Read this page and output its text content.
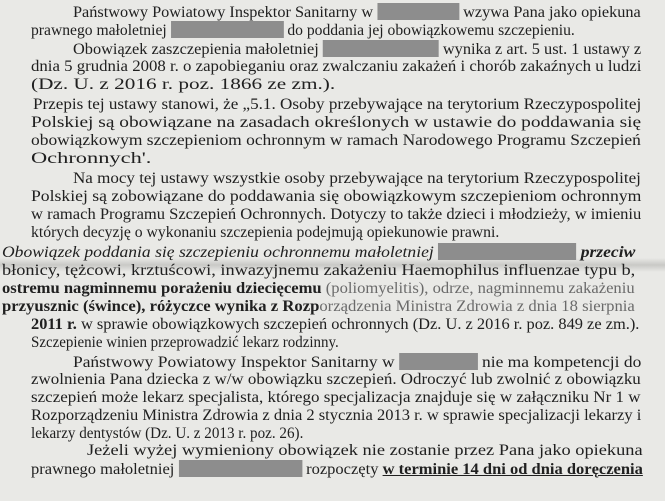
Państwowy Powiatowy Inspektor Sanitarny w	wzywa Pana jako opiekuna
prawnego małoletniej	do poddania jej obowiązkowemu szczepieniu.
Obowiązek zaszczepienia małoletniej	wynika z art. 5 ust. 1 ustawy z
dnia 5 grudnia 2008 r. o zapobieganiu oraz zwalczaniu zakażeń i chorób zakaźnych u ludzi
(Dz. U. z 2016 r. poz. 1866 ze zm.).
Przepis tej ustawy stanowi, że „5.1. Osoby przebywające na terytorium Rzeczypospolitej
Polskiej są obowiązane na zasadach określonych w ustawie do poddawania się
obowiązkowym szczepieniom ochronnym w ramach Narodowego Programu Szczepień
Ochronnych'.
Na mocy tej ustawy wszystkie osoby przebywające na terytorium Rzeczypospolitej
Polskiej są zobowiązane do poddawania się obowiązkowym szczepieniom ochronnym
w ramach Programu Szczepień Ochronnych. Dotyczy to także dzieci i młodzieży, w imieniu
których decyzję o wykonaniu szczepienia podejmują opiekunowie prawni.
Obowiązek poddania się szczepieniu ochronnemu małoletniej	przeciw
błonicy, tężcowi, krztuścowi, inwazyjnemu zakażeniu Haemophilus influenzae typu b,
ostremu nagminnemu porażeniu dziecięcemu (poliomyelitis), odrze, nagminnemu zakażeniu
przyusznic (śwince), różyczce wynika z Rozporządzenia Ministra Zdrowia z dnia 18 sierpnia
2011 r. w sprawie obowiązkowych szczepień ochronnych (Dz. U. z 2016 r. poz. 849 ze zm.).
Szczepienie winien przeprowadzić lekarz rodzinny.
Państwowy Powiatowy Inspektor Sanitarny w	nie ma kompetencji do
zwolnienia Pana dziecka z w/w obowiązku szczepień. Odroczyć lub zwolnić z obowiązku
szczepień może lekarz specjalista, którego specjalizacja znajduje się w załączniku Nr 1 w
Rozporządzeniu Ministra Zdrowia z dnia 2 stycznia 2013 r. w sprawie specjalizacji lekarzy i
lekarzy dentystów (Dz. U. z 2013 r. poz. 26).
Jeżeli wyżej wymieniony obowiązek nie zostanie przez Pana jako opiekuna
prawnego małoletniej	rozpoczęty w terminie 14 dni od dnia doręczenia
